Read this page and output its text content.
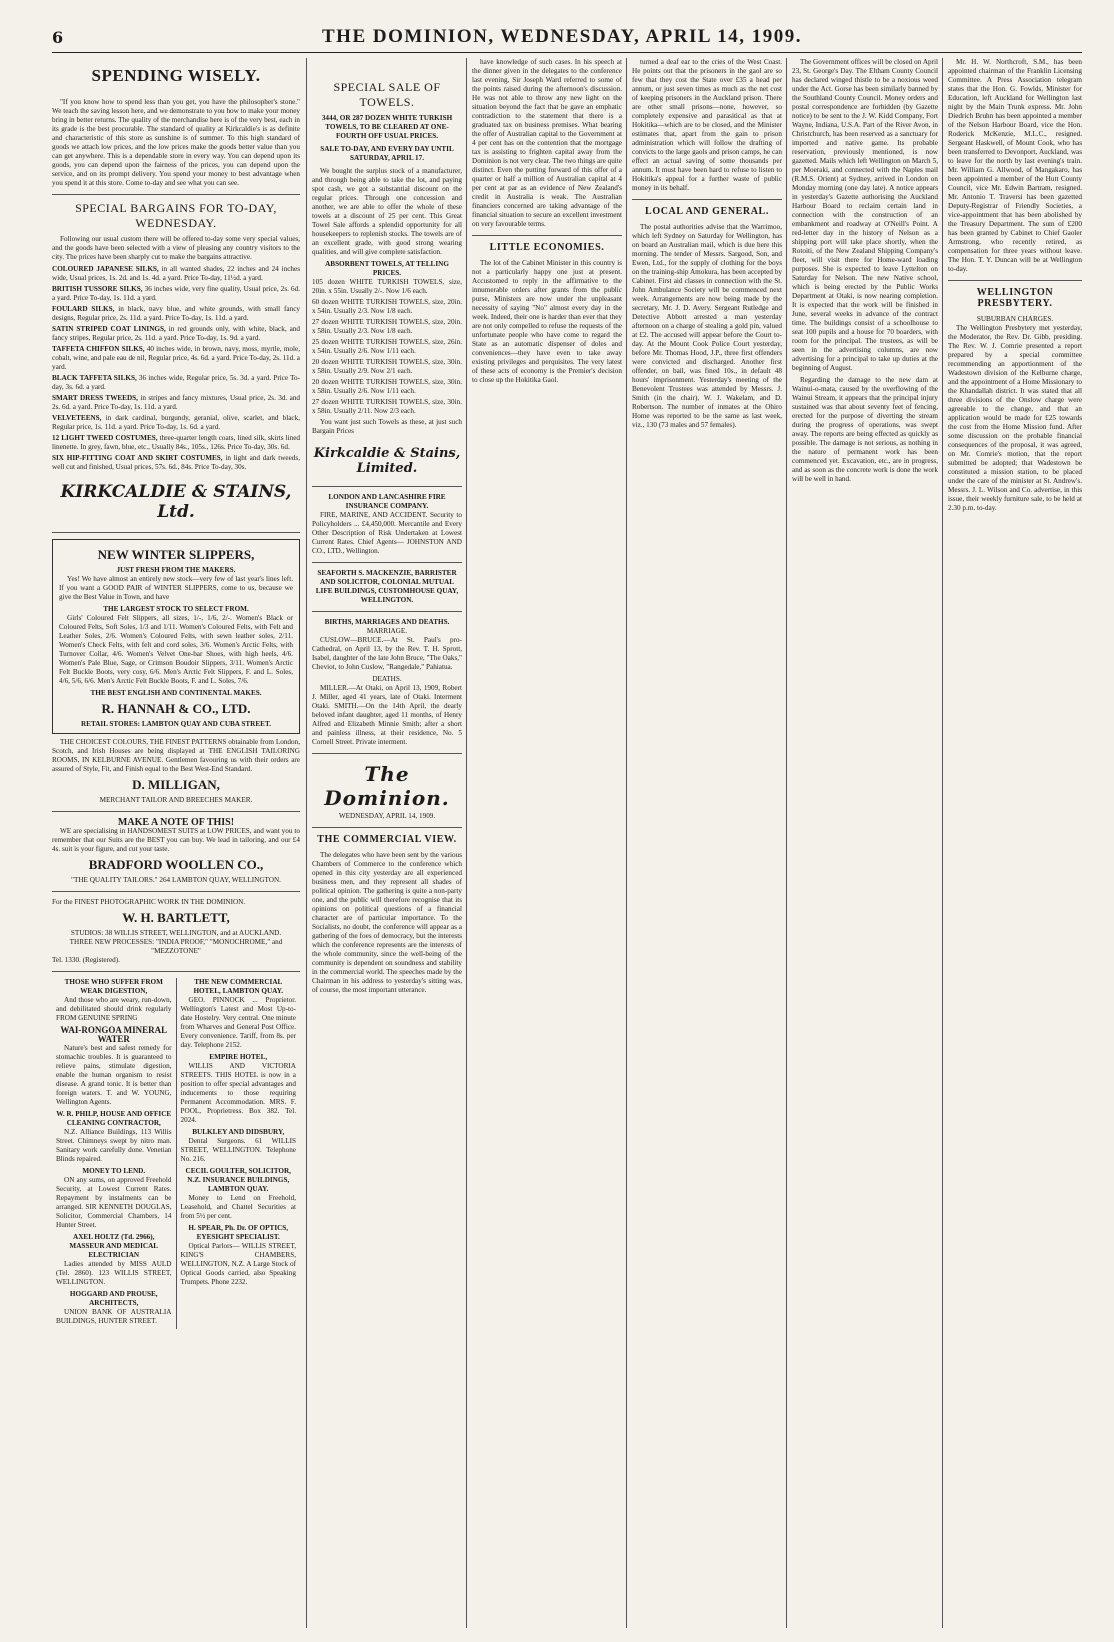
6	THE DOMINION, WEDNESDAY, APRIL 14, 1909.
SPENDING WISELY.

"If you know how to spend less than you get, you have the philosopher's stone." We teach the saving lesson here, and we demonstrate to you how to make your money bring in better returns. The quality of the merchandise here is of the very best, each in its grade is the best procurable. The standard of quality at Kirkcaldie's is as definite and characteristic of this store as sunshine is of summer. To this high standard of goods we attach low prices, and the low prices make the goods better value than you can get anywhere. This is a dependable store in every way. You can depend upon its goods, you can depend upon the fairness of the prices, you can depend upon the service, and on its prompt delivery. You spend your money to best advantage when you spend it at this store. Come to-day and see what you can see.

SPECIAL BARGAINS FOR TO-DAY, WEDNESDAY.

Following our usual custom there will be offered to-day some very special values, and the goods have been selected with a view of pleasing any country visitors to the city. The prices have been sharply cut to make the bargains attractive.

COLOURED JAPANESE SILKS, in all wanted shades, 22 inches and 24 inches wide, Usual prices, 1s. 2d. and 1s. 4d. a yard. Price To-day, 11½d. a yard.

BRITISH TUSSORE SILKS, 36 inches wide, very fine quality, Usual price, 2s. 6d. a yard. Price To-day, 1s. 11d. a yard.

FOULARD SILKS, in black, navy blue, and white grounds, with small fancy designs, Regular price, 2s. 11d. a yard. Price To-day, 1s. 11d. a yard.

SATIN STRIPED COAT LININGS, in red grounds only, with white, black, and fancy stripes, Regular price, 2s. 11d. a yard. Price To-day, 1s. 9d. a yard.

TAFFETA CHIFFON SILKS, 40 inches wide, in brown, navy, moss, myrtle, mole, cobalt, wine, and pale eau de nil, Regular price, 4s. 6d. a yard. Price To-day, 2s. 11d. a yard.

BLACK TAFFETA SILKS, 36 inches wide, Regular price, 5s. 3d. a yard. Price To-day, 3s. 6d. a yard.

SMART DRESS TWEEDS, in stripes and fancy mixtures, Usual price, 2s. 3d. and 2s. 6d. a yard. Price To-day, 1s. 11d. a yard.

VELVETEENS, in dark cardinal, burgundy, geranial, olive, scarlet, and black, Regular price, 1s. 11d. a yard. Price To-day, 1s. 6d. a yard.

12 LIGHT TWEED COSTUMES, three-quarter length coats, lined silk, skirts lined linenette. In grey, fawn, blue, etc., Usually 84s., 105s., 126s. Price To-day, 30s. 6d.

SIX HIP-FITTING COAT AND SKIRT COSTUMES, in light and dark tweeds, well cut and finished, Usual prices, 57s. 6d., 84s. Price To-day, 30s.

KIRKCALDIE & STAINS, Ltd.
NEW WINTER SLIPPERS,
JUST FRESH FROM THE MAKERS.

Yes! We have almost an entirely new stock—very few of last year's lines left. If you want a GOOD PAIR of WINTER SLIPPERS, come to us, because we give the Best Value in Town, and have

THE LARGEST STOCK TO SELECT FROM.

Girls' Coloured Felt Slippers, all sizes, 1/-, 1/6, 2/-. Women's Black or Coloured Felts, Soft Soles, 1/3 and 1/11. Women's Coloured Felts, with Felt and Leather Soles, 2/6. Women's Coloured Felts, with sewn leather soles, 2/11. Women's Check Felts, with felt and cord soles, 3/6. Women's Arctic Felts, with Turnover Collar, 4/6. Women's Velvet One-bar Shoes, with high heels, 4/6. Women's Pale Blue, Sage, or Crimson Boudoir Slippers, 3/11. Women's Arctic Felt Buckle Boots, very cosy, 6/6. Men's Arctic Felt Slippers, F. and L. Soles, 4/6, 5/6, 6/6. Men's Arctic Felt Buckle Boots, F. and L. Soles, 7/6.

THE BEST ENGLISH AND CONTINENTAL MAKES.
R. HANNAH & CO., LTD.
RETAIL STORES: LAMBTON QUAY AND CUBA STREET.

THE CHOICEST COLOURS, THE FINEST PATTERNS obtainable from London, Scotch, and Irish Houses are being displayed at THE ENGLISH TAILORING ROOMS, IN KELBURNE AVENUE. Gentlemen favouring us with their orders are assured of Style, Fit, and Finish equal to the Best West-End Standard.

D. MILLIGAN,
MERCHANT TAILOR AND BREECHES MAKER.
MAKE A NOTE OF THIS!

WE are specialising in HANDSOMEST SUITS at LOW PRICES, and want you to remember that our Suits are the BEST you can buy. We lead in tailoring, and our £4 4s. suit is your figure, and cut your taste.

BRADFORD WOOLLEN CO.,
"THE QUALITY TAILORS." 264 LAMBTON QUAY, WELLINGTON.
For the FINEST PHOTOGRAPHIC WORK IN THE DOMINION.
W. H. BARTLETT,
STUDIOS: 38 WILLIS STREET, WELLINGTON, and at AUCKLAND.
THREE NEW PROCESSES: "INDIA PROOF," "MONOCHROME," and "MEZZOTONE"
Tel. 1330. (Registered).
THOSE WHO SUFFER FROM WEAK DIGESTION,

And those who are weary, run-down, and debilitated should drink regularly FROM GENUINE SPRING

WAI-RONGOA MINERAL WATER

Nature's best and safest remedy for stomachic troubles. It is guaranteed to relieve pains, stimulate digestion, enable the human organism to resist disease. A grand tonic. It is better than foreign waters. T. and W. YOUNG, Wellington Agents.

W. R. PHILP, HOUSE AND OFFICE CLEANING CONTRACTOR,

N.Z. Alliance Buildings, 113 Willis Street. Chimneys swept by nitro man. Sanitary work carefully done. Venetian Blinds repaired.

MONEY TO LEND.

ON any sums, on approved Freehold Security, at Lowest Current Rates. Repayment by instalments can be arranged. SIR KENNETH DOUGLAS, Solicitor, Commercial Chambers, 14 Hunter Street.

AXEL HOLTZ (Td. 2966), MASSEUR AND MEDICAL ELECTRICIAN

Ladies attended by MISS AULD (Tel. 2860). 123 WILLIS STREET, WELLINGTON.

HOGGARD AND PROUSE, ARCHITECTS,

UNION BANK OF AUSTRALIA BUILDINGS, HUNTER STREET.

THE NEW COMMERCIAL HOTEL, LAMBTON QUAY.

GEO. PINNOCK ... Proprietor. Wellington's Latest and Most Up-to-date Hostelry. Very central. One minute from Wharves and General Post Office. Every convenience. Tariff, from 8s. per day. Telephone 2152.

EMPIRE HOTEL,

WILLIS AND VICTORIA STREETS. THIS HOTEL is now in a position to offer special advantages and inducements to those requiring Permanent Accommodation. MRS. F. POOL, Proprietress. Box 382. Tel. 2024.

BULKLEY AND DIDSBURY,

Dental Surgeons. 61 WILLIS STREET, WELLINGTON. Telephone No. 216.

CECIL GOULTER, SOLICITOR, N.Z. INSURANCE BUILDINGS, LAMBTON QUAY.

Money to Lend on Freehold, Leasehold, and Chattel Securities at from 5½ per cent.

H. SPEAR, Ph. Dr. OF OPTICS, EYESIGHT SPECIALIST.

Optical Parlors— WILLIS STREET, KING'S CHAMBERS, WELLINGTON, N.Z. A Large Stock of Optical Goods carried, also Speaking Trumpets. Phone 2232.

SPECIAL SALE OF TOWELS.
3444, OR 287 DOZEN WHITE TURKISH TOWELS, TO BE CLEARED AT ONE-FOURTH OFF USUAL PRICES.
SALE TO-DAY, AND EVERY DAY UNTIL SATURDAY, APRIL 17.

We bought the surplus stock of a manufacturer, and through being able to take the lot, and paying spot cash, we got a substantial discount on the regular prices. Through one concession and another, we are able to offer the whole of these towels at a discount of 25 per cent. This Great Towel Sale affords a splendid opportunity for all housekeepers to replenish stocks. The towels are of an excellent grade, with good strong wearing qualities, and will give complete satisfaction.

ABSORBENT TOWELS, AT TELLING PRICES.

105 dozen WHITE TURKISH TOWELS, size, 20in. x 55in. Usually 2/-. Now 1/6 each.

60 dozen WHITE TURKISH TOWELS, size, 20in. x 54in. Usually 2/3. Now 1/8 each.

27 dozen WHITE TURKISH TOWELS, size, 20in. x 58in. Usually 2/3. Now 1/8 each.

25 dozen WHITE TURKISH TOWELS, size, 26in. x 54in. Usually 2/6. Now 1/11 each.

20 dozen WHITE TURKISH TOWELS, size, 30in. x 58in. Usually 2/9. Now 2/1 each.

20 dozen WHITE TURKISH TOWELS, size, 30in. x 58in. Usually 2/6. Now 1/11 each.

27 dozen WHITE TURKISH TOWELS, size, 30in. x 58in. Usually 2/11. Now 2/3 each.

You want just such Towels as these, at just such Bargain Prices

Kirkcaldie & Stains, Limited.
LONDON AND LANCASHIRE FIRE INSURANCE COMPANY.

FIRE, MARINE, AND ACCIDENT. Security to Policyholders ... £4,450,000. Mercantile and Every Other Description of Risk Undertaken at Lowest Current Rates. Chief Agents— JOHNSTON AND CO., LTD., Wellington.

SEAFORTH S. MACKENZIE, BARRISTER AND SOLICITOR, COLONIAL MUTUAL LIFE BUILDINGS, CUSTOMHOUSE QUAY, WELLINGTON.
BIRTHS, MARRIAGES AND DEATHS.
MARRIAGE.

CUSLOW—BRUCE.—At St. Paul's pro-Cathedral, on April 13, by the Rev. T. H. Sprott, Isabel, daughter of the late John Bruce, "The Oaks," Cheviot, to John Cuslow, "Rangedale," Pahiatua.

DEATHS.

MILLER.—At Otaki, on April 13, 1909, Robert J. Miller, aged 41 years, late of Otaki. Interment Otaki. SMITH.—On the 14th April, the dearly beloved infant daughter, aged 11 months, of Henry Alfred and Elizabeth Minnie Smith; after a short and painless illness, at their residence, No. 5 Cornell Street. Private interment.

The Dominion.
WEDNESDAY, APRIL 14, 1909.
THE COMMERCIAL VIEW.

The delegates who have been sent by the various Chambers of Commerce to the conference which opened in this city yesterday are all experienced business men, and they represent all shades of political opinion. The gathering is quite a non-party one, and the public will therefore recognise that its opinions on political questions of a financial character are of particular importance. To the Socialists, no doubt, the conference will appear as a gathering of the foes of democracy, but the interests which the conference represents are the interests of the whole community, since the well-being of the community is dependent on soundness and stability in the commercial world. The speeches made by the Chairman in his address to yesterday's sitting was, of course, the most important utterance.

have knowledge of such cases. In his speech at the dinner given in the delegates to the conference last evening, Sir Joseph Ward referred to some of the points raised during the afternoon's discussion. He was not able to throw any new light on the situation beyond the fact that he gave an emphatic contradiction to the statement that there is a graduated tax on business premises. What bearing the offer of Australian capital to the Government at 4 per cent has on the contention that the mortgage tax is assisting to frighten capital away from the Dominion is not very clear. The two things are quite distinct. Even the putting forward of this offer of a quarter or half a million of Australian capital at 4 per cent at par as an evidence of New Zealand's credit in Australia is weak. The Australian financiers concerned are taking advantage of the financial situation to secure an excellent investment on very favourable terms.

LITTLE ECONOMIES.

The lot of the Cabinet Minister in this country is not a particularly happy one just at present. Accustomed to reply in the affirmative to the innumerable orders after grants from the public purse, Ministers are now under the unpleasant necessity of saying "No" almost every day in the week. Indeed, their one is harder than ever that they are not only compelled to refuse the requests of the unfortunate people who have come to regard the State as an automatic dispenser of doles and conveniences—they have even to take away existing privileges and perquisites. The very latest of these acts of economy is the Premier's decision to close up the Hokitika Gaol.

turned a deaf ear to the cries of the West Coast. He points out that the prisoners in the gaol are so few that they cost the State over £35 a head per annum, or just seven times as much as the net cost of keeping prisoners in the Auckland prison. There are other small prisons—none, however, so completely expensive and parasitical as that at Hokitika—which are to be closed, and the Minister estimates that, apart from the gain to prison administration which will follow the drafting of convicts to the large gaols and prison camps, he can effect an actual saving of some thousands per annum. It must have been hard to refuse to listen to Hokitika's appeal for a further waste of public money in its behalf.

LOCAL AND GENERAL.

The postal authorities advise that the Warrimoo, which left Sydney on Saturday for Wellington, has on board an Australian mail, which is due here this morning. The tender of Messrs. Sargood, Son, and Ewen, Ltd., for the supply of clothing for the boys on the training-ship Amokura, has been accepted by Cabinet. First aid classes in connection with the St. John Ambulance Society will be commenced next week. Arrangements are now being made by the secretary, Mr. J. D. Avery. Sergeant Rutledge and Detective Abbott arrested a man yesterday afternoon on a charge of stealing a gold pin, valued at £2. The accused will appear before the Court to-day. At the Mount Cook Police Court yesterday, before Mr. Thomas Hood, J.P., three first offenders were convicted and discharged. Another first offender, on bail, was fined 10s., in default 48 hours' imprisonment. Yesterday's meeting of the Benevolent Trustees was attended by Messrs. J. Smith (in the chair), W. J. Wakelam, and D. Robertson. The number of inmates at the Ohiro Home was reported to be the same as last week, viz., 130 (73 males and 57 females).

The Government offices will be closed on April 23, St. George's Day. The Eltham County Council has declared winged thistle to be a noxious weed under the Act. Gorse has been similarly banned by the Southland County Council. Money orders and postal correspondence are forbidden (by Gazette notice) to be sent to the J. W. Kidd Company, Fort Wayne, Indiana, U.S.A. Part of the River Avon, in Christchurch, has been reserved as a sanctuary for imported and native game. Its probable reservation, previously mentioned, is now gazetted. Mails which left Wellington on March 5, per Moeraki, and connected with the Naples mail (R.M.S. Orient) at Sydney, arrived in London on Monday morning (one day late). A notice appears in yesterday's Gazette authorising the Auckland Harbour Board to reclaim certain land in connection with the construction of an embankment and roadway at O'Neill's Point. A red-letter day in the history of Nelson as a shipping port will take place shortly, when the Rotoiti, of the New Zealand Shipping Company's fleet, will visit there for Home-ward loading purposes. She is expected to leave Lyttelton on Saturday for Nelson. The new Native school, which is being erected by the Public Works Department at Otaki, is now nearing completion. It is expected that the work will be finished in June, several weeks in advance of the contract time. The buildings consist of a schoolhouse to seat 100 pupils and a house for 70 boarders, with room for the principal. The trustees, as will be seen in the advertising columns, are now advertising for a principal to take up duties at the beginning of August.

Regarding the damage to the new dam at Wainui-o-mata, caused by the overflowing of the Wainui Stream, it appears that the principal injury sustained was that about seventy feet of fencing, erected for the purpose of diverting the stream during the progress of operations, was swept away. The reports are being effected as quickly as possible. The damage is not serious, as nothing in the nature of permanent work has been commenced yet. Excavation, etc., are in progress, and as soon as the concrete work is done the work will be well in hand.

Mr. H. W. Northcroft, S.M., has been appointed chairman of the Franklin Licensing Committee. A Press Association telegram states that the Hon. G. Fowlds, Minister for Education, left Auckland for Wellington last night by the Main Trunk express. Mr. John Diedrich Bruhn has been appointed a member of the Nelson Harbour Board, vice the Hon. Roderick McKenzie, M.L.C., resigned. Sergeant Haskwell, of Mount Cook, who has been transferred to Devonport, Auckland, was to leave for the north by last evening's train. Mr. William G. Allwood, of Mangakaro, has been appointed a member of the Hutt County Council, vice Mr. Edwin Bartram, resigned. Mr. Antonio T. Traversi has been gazetted Deputy-Registrar of Friendly Societies, a vice-appointment that has been abolished by the Treasury Department. The sum of £200 has been granted by Cabinet to Chief Gaoler Armstrong, who recently retired, as compensation for three years without leave. The Hon. T. Y. Duncan will be at Wellington to-day.

WELLINGTON PRESBYTERY.
SUBURBAN CHARGES.

The Wellington Presbytery met yesterday, the Moderator, the Rev. Dr. Gibb, presiding. The Rev. W. J. Comrie presented a report prepared by a special committee recommending an apportionment of the Wadestown division of the Kelburne charge, and the appointment of a Home Missionary to the Khandallah district. It was stated that all three divisions of the Onslow charge were agreeable to the change, and that an application would be made for £25 towards the cost from the Home Mission fund. After some discussion on the probable financial consequences of the proposal, it was agreed, on Mr. Comrie's motion, that the report submitted be adopted; that Wadestown be constituted a mission station, to be placed under the care of the minister at St. Andrew's. Messrs. J. L. Wilson and Co. advertise, in this issue, their weekly furniture sale, to be held at 2.30 p.m. to-day.
